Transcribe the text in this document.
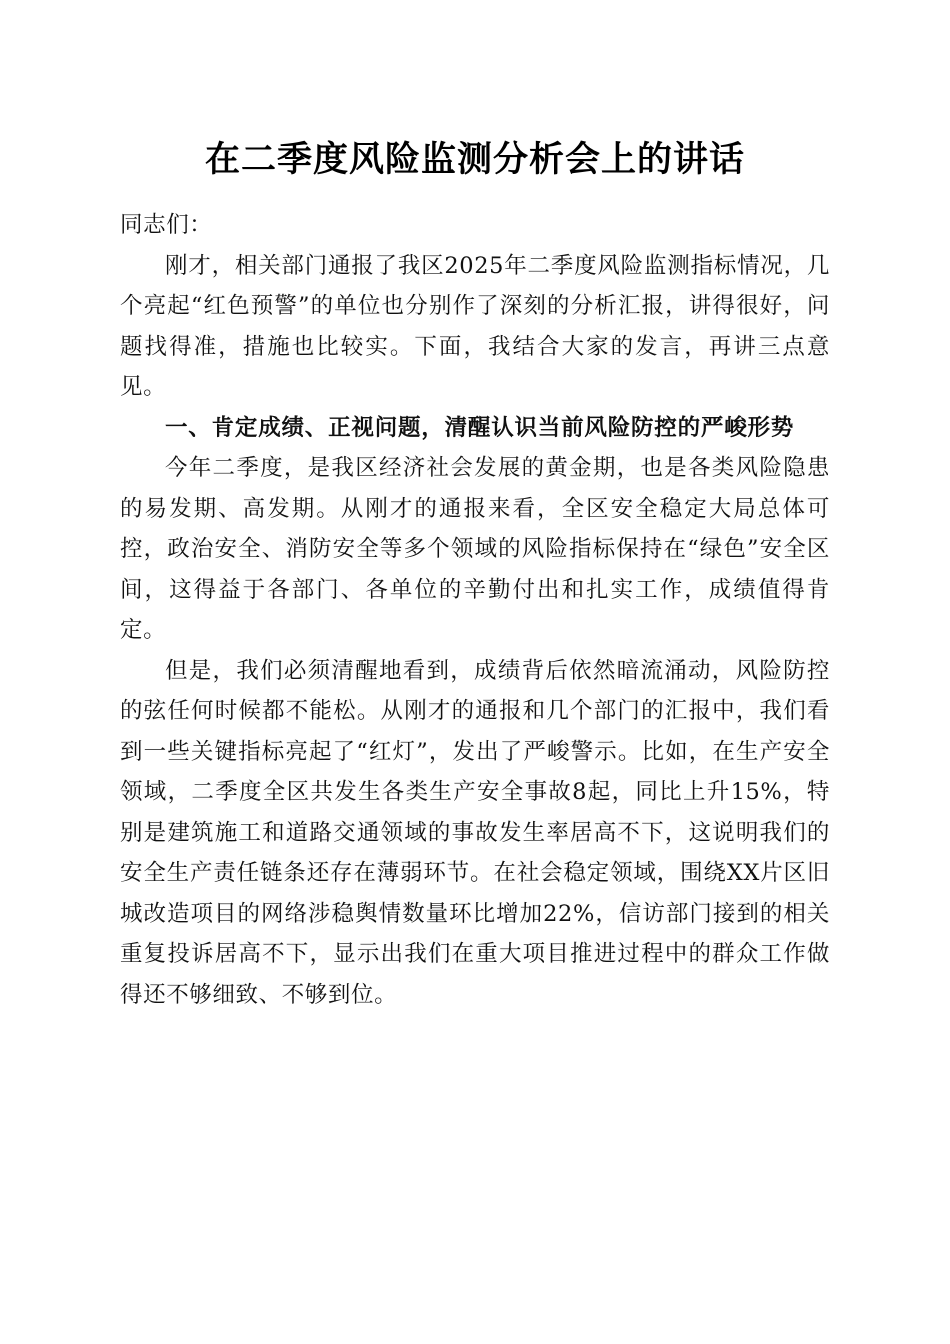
在二季度风险监测分析会上的讲话

同志们：

刚才，相关部门通报了我区2025年二季度风险监测指标情况，几个亮起“红色预警”的单位也分别作了深刻的分析汇报，讲得很好，问题找得准，措施也比较实。下面，我结合大家的发言，再讲三点意见。

一、肯定成绩、正视问题，清醒认识当前风险防控的严峻形势

今年二季度，是我区经济社会发展的黄金期，也是各类风险隐患的易发期、高发期。从刚才的通报来看，全区安全稳定大局总体可控，政治安全、消防安全等多个领域的风险指标保持在“绿色”安全区间，这得益于各部门、各单位的辛勤付出和扎实工作，成绩值得肯定。

但是，我们必须清醒地看到，成绩背后依然暗流涌动，风险防控的弦任何时候都不能松。从刚才的通报和几个部门的汇报中，我们看到一些关键指标亮起了“红灯”，发出了严峻警示。比如，在生产安全领域，二季度全区共发生各类生产安全事故8起，同比上升15%，特别是建筑施工和道路交通领域的事故发生率居高不下，这说明我们的安全生产责任链条还存在薄弱环节。在社会稳定领域，围绕XX片区旧城改造项目的网络涉稳舆情数量环比增加22%，信访部门接到的相关重复投诉居高不下，显示出我们在重大项目推进过程中的群众工作做得还不够细致、不够到位。
